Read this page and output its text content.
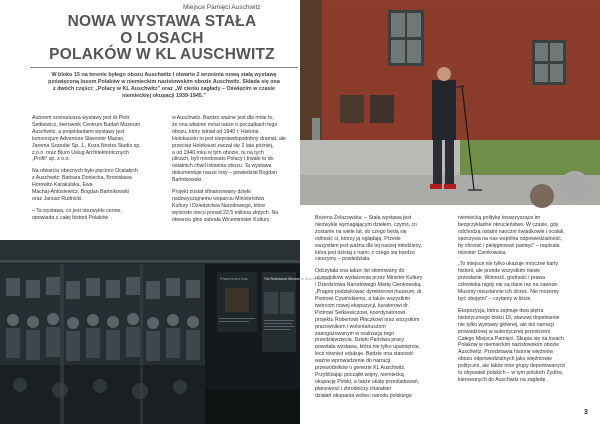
Miejsce Pamięci Auschwitz
NOWA WYSTAWA STAŁA
O LOSACH
POLAKÓW W KL AUSCHWITZ
W bloku 15 na terenie byłego obozu Auschwitz I otwarto 2 września nową stałą wystawę
poświęconą losom Polaków w niemieckim nazistowskim obozie Auschwitz. Składa się ona
z dwóch części: „Polacy w KL Auschwitz” oraz „W cieniu zagłady – Oświęcim w czasie
niemieckiej okupacji 1939-1945.”

Autorem scenariusza wystawy jest dr Piotr
Setkiewicz, kierownik Centrum Badań Muzeum
Auschwitz, a projektantami wystawy jest
konsorcjum Adventure Sławomir Mazan,
Jarema Szandar Sp. J., Koza Nostra Studio sp.
z.o.o. oraz Biuro Usług Architektonicznych
„Profil” sp. z o.o.

Na otwarciu obecnych było pięcioro Ocalałych
z Auschwitz: Barbara Doniecka, Bronisława
Horowitz-Karakulska, Ewa
Machaj-Antosiewicz, Bogdan Bartnikowski
oraz Janusz Rudnicki.

– Ta wystawa, co jest niezwykle cenne,
opowiada o całej historii Polaków

w Auschwitz. Bardzo ważne jest dla mnie to,
że ona właśnie mówi także o początkach tego
obozu, który istniał od 1940 r. Historia
Holokaustu to jest nieprawdopodobny dramat, ale
przecież Holokaust zaczął się 2 lata później,
a od 1940 roku w tym obozie, tu na tych
ulicach, byli mordowani Polacy i trwało to do
ostatnich chwil istnienia obozu. Ta wystawa
dokumentuje nasze losy – powiedział Bogdan
Bartnikowski.

Projekt został sfinansowany dzięki
nadzwyczajnemu wsparciu Ministerstwa
Kultury i Dziedzictwa Narodowego, które
wyniosło nieco ponad 22,5 miliona złotych. Na
otwarciu głos zabrała Wiceminister Kultury

Prisoners and Jews	The Resistance Movement Around the Camp

Bożena Żelazowska: – Stała wystawa jest
niezwykle wymagającym dziełem, czymś, co
zostanie na wiele lat, do czego będą się
odnosić ci, którzy ją oglądają. Przede
wszystkim jest ważna dla tej naszej młodzieży,
która jest dzisiaj z nami, z czego się bardzo
cieszymy – powiedziała.

Odczytała ona także list skierowany do
uczestników wydarzenia przez Minister Kultury
i Dziedzictwa Narodowego Martę Cienkowską.
„Pragnę podziękować dyrektorowi muzeum, dr.
Piotrowi Cywińskiemu, a także wszystkim
twórcom nowej ekspozycji, kuratorowi dr.
Piotrowi Setkiewiczowi, koordynatorowi
projektu Robertowi Płaczkowi oraz wszystkim
pracownikom i wolontariuszom
zaangażowanym w realizację tego
przedsięwzięcia. Dzięki Państwa pracy
powstała wystawa, która nie tylko upamiętnia,
lecz również edukuje. Będzie ona stanowić
ważne wprowadzenie do narracji
przewodników o genezie KL Auschwitz.
Przybliżając początki wojny, niemiecką
okupację Polski, a także skalę prześladowań,
planowość i zbrodniczy charakter
działań okupanta wobec narodu polskiego

niemiecką politykę towarzyszące im
bezprzykładne okrucieństwo. W czasie, gdy
odchodzą ostatni naoczni świadkowie i ocalali,
spoczywa na nas wspólna odpowiedzialność,
by chronić i pielęgnować pamięć” – napisała
minister Cienkowska.

„To miejsce nie tylko ukazuje mroczne karty
historii, ale przede wszystkim niesie
przesłanie. Wolność, godność i prawa
człowieka nigdy nie są dane raz na zawsze.
Musimy nieustannie ich strzec. Nie możemy
być obojętni” – czytamy w liście.

Ekspozycja, która zajmuje dwa piętra
historycznego bloku 15, stanowi dopełnienie
nie tylko wystawy głównej, ale też narracji
prowadzonej w autentycznej przestrzeni
Całego Miejsca Pamięci. Skupia się na losach
Polaków w niemieckim nazistowskim obozie
Auschwitz. Przedstawia historię więźniów
obozu odpowiedzialnych jako więźniowie
polityczni, ale także inne grupy deportowanych
tu obywateli polskich – w tym polskich Żydów,
kierowanych do Auschwitz na zagładę.

3
